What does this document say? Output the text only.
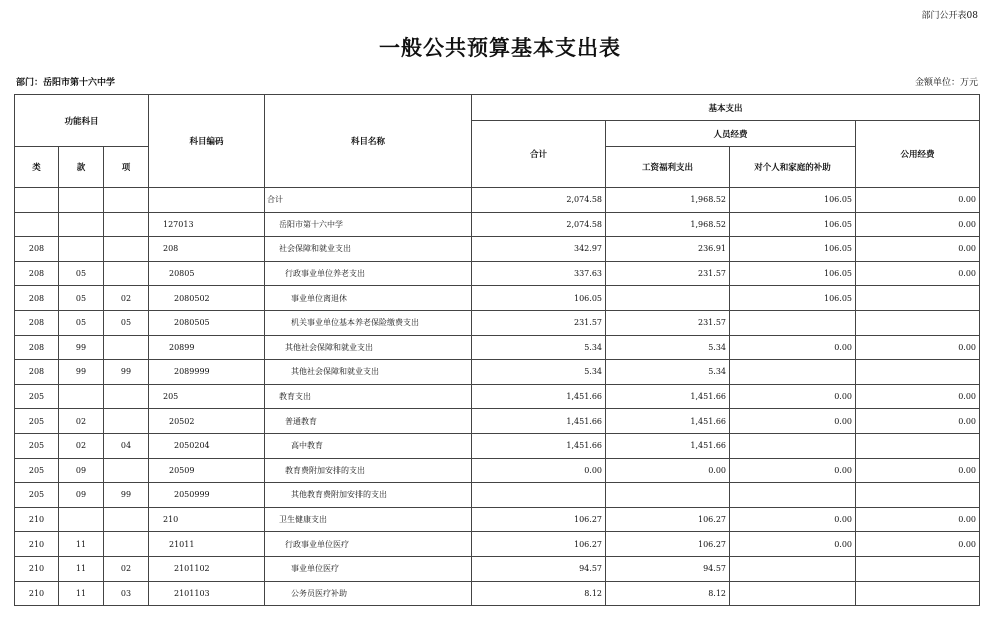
部门公开表08
一般公共预算基本支出表
部门：岳阳市第十六中学	金额单位：万元
功能科目			科目编码	科目名称	基本支出			
					合计	人员经费		公用经费
类	款	项				工资福利支出	对个人和家庭的补助	
				合计	2,074.58	1,968.52	106.05	0.00
			127013	岳阳市第十六中学	2,074.58	1,968.52	106.05	0.00
208			208	社会保障和就业支出	342.97	236.91	106.05	0.00
208	05		20805	行政事业单位养老支出	337.63	231.57	106.05	0.00
208	05	02	2080502	事业单位离退休	106.05		106.05	
208	05	05	2080505	机关事业单位基本养老保险缴费支出	231.57	231.57		
208	99		20899	其他社会保障和就业支出	5.34	5.34	0.00	0.00
208	99	99	2089999	其他社会保障和就业支出	5.34	5.34		
205			205	教育支出	1,451.66	1,451.66	0.00	0.00
205	02		20502	普通教育	1,451.66	1,451.66	0.00	0.00
205	02	04	2050204	高中教育	1,451.66	1,451.66		
205	09		20509	教育费附加安排的支出	0.00	0.00	0.00	0.00
205	09	99	2050999	其他教育费附加安排的支出				
210			210	卫生健康支出	106.27	106.27	0.00	0.00
210	11		21011	行政事业单位医疗	106.27	106.27	0.00	0.00
210	11	02	2101102	事业单位医疗	94.57	94.57		
210	11	03	2101103	公务员医疗补助	8.12	8.12		
